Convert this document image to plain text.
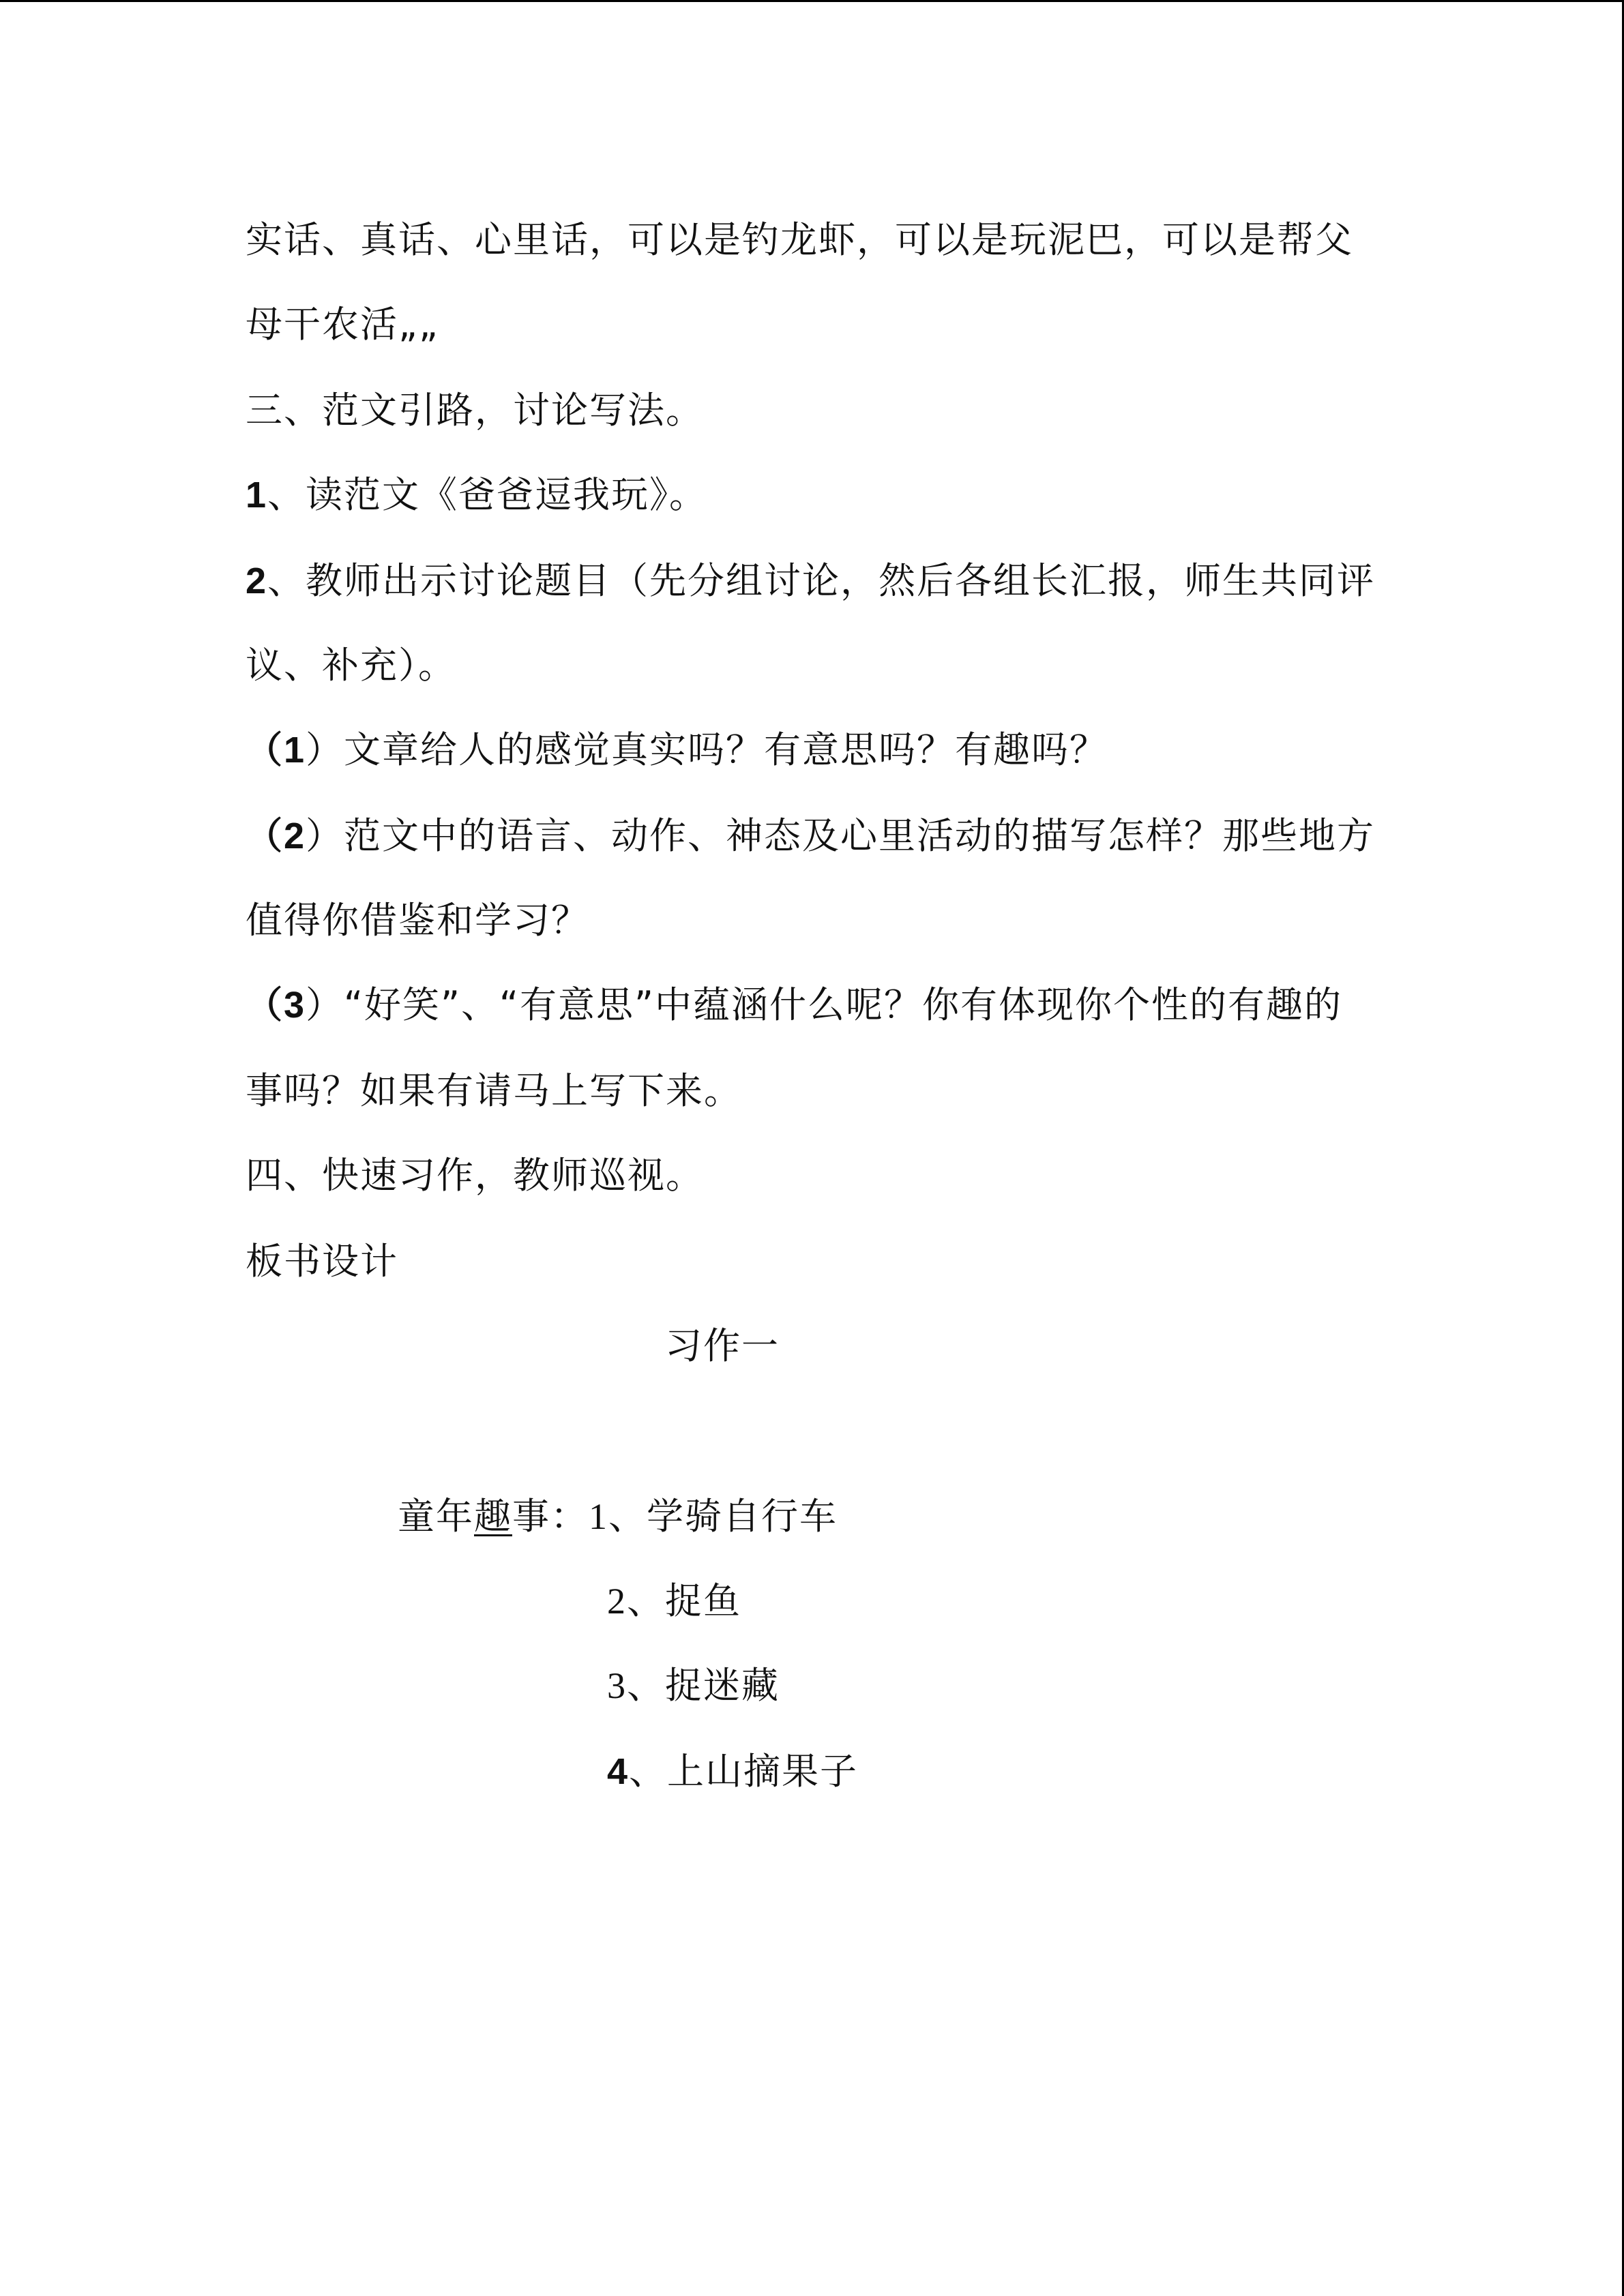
实话、真话、心里话，可以是钓龙虾，可以是玩泥巴，可以是帮父
母干农活„„
三、范文引路，讨论写法。
1、读范文《爸爸逗我玩》。
2、教师出示讨论题目（先分组讨论，然后各组长汇报，师生共同评
议、补充）。
（1）文章给人的感觉真实吗？有意思吗？有趣吗？
（2）范文中的语言、动作、神态及心里活动的描写怎样？那些地方
值得你借鉴和学习？
（3）“好笑”、“有意思”中蕴涵什么呢？你有体现你个性的有趣的
事吗？如果有请马上写下来。
四、快速习作，教师巡视。
板书设计
习作一
童年趣事：1、学骑自行车
2、捉鱼
3、捉迷藏
4、上山摘果子
